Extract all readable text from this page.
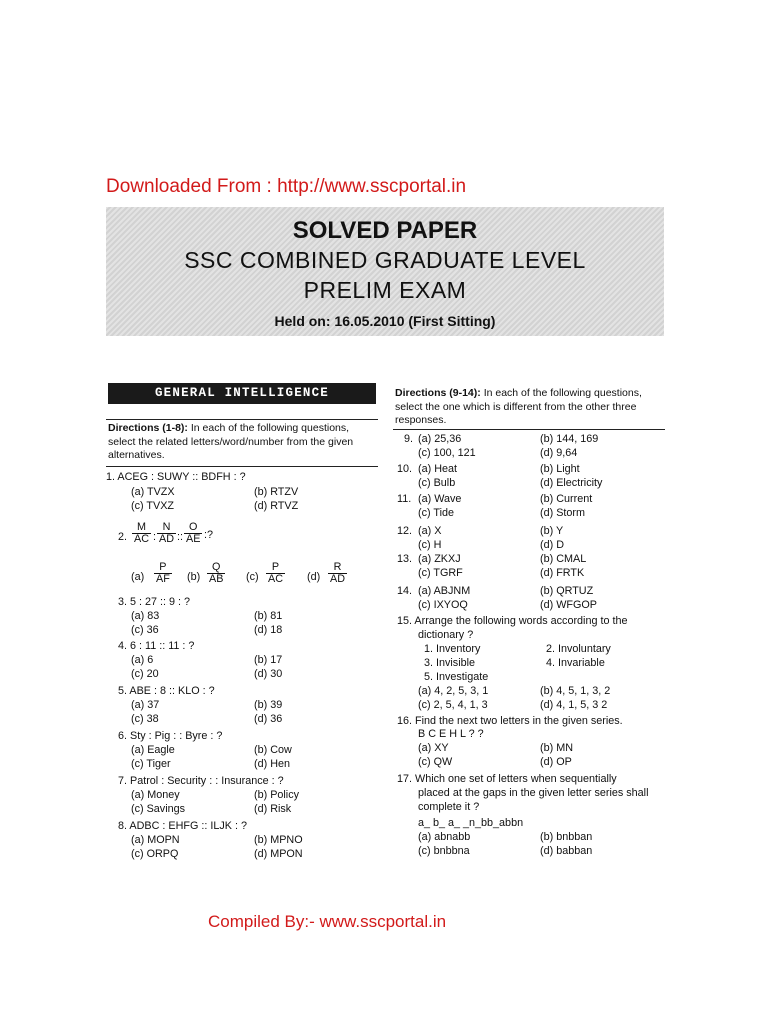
Downloaded From : http://www.sscportal.in
SOLVED PAPER
SSC COMBINED GRADUATE LEVEL
PRELIM EXAM
Held on: 16.05.2010 (First Sitting)
GENERAL INTELLIGENCE
Directions (1-8): In each of the following questions,
select the related letters/word/number from the given
alternatives.
1. ACEG : SUWY :: BDFH : ?
(a) TVZX	(b) RTZV
(c) TVXZ	(d) RTVZ
2. $\frac{M}{AC}$ : $\frac{N}{AD}$ :: $\frac{O}{AE}$ :?
$(a) \frac{P}{AF} (b) \frac{Q}{AB} (c) \frac{P}{AC} (d) \frac{R}{AD}$
3. 5 : 27 :: 9 : ?
(a) 83	(b) 81
(c) 36	(d) 18
4. 6 : 11 :: 11 : ?
(a) 6	(b) 17
(c) 20	(d) 30
5. ABE : 8 :: KLO : ?
(a) 37	(b) 39
(c) 38	(d) 36
6. Sty : Pig : : Byre : ?
(a) Eagle	(b) Cow
(c) Tiger	(d) Hen
7. Patrol : Security : : Insurance : ?
(a) Money	(b) Policy
(c) Savings	(d) Risk
8. ADBC : EHFG :: ILJK : ?
(a) MOPN	(b) MPNO
(c) ORPQ	(d) MPON
Directions (9-14): In each of the following questions,
select the one which is different from the other three
responses.
9. (a) 25,36	(b) 144, 169
(c) 100, 121	(d) 9,64
10. (a) Heat	(b) Light
(c) Bulb	(d) Electricity
11. (a) Wave	(b) Current
(c) Tide	(d) Storm
12. (a) X	(b) Y
(c) H	(d) D
13. (a) ZKXJ	(b) CMAL
(c) TGRF	(d) FRTK
14. (a) ABJNM	(b) QRTUZ
(c) IXYOQ	(d) WFGOP
15. Arrange the following words according to the
dictionary ?
1. Inventory	2. Involuntary
3. Invisible	4. Invariable
5. Investigate
(a) 4, 2, 5, 3, 1	(b) 4, 5, 1, 3, 2
(c) 2, 5, 4, 1, 3	(d) 4, 1, 5, 3 2
16. Find the next two letters in the given series.
B C E H L ? ?
(a) XY	(b) MN
(c) QW	(d) OP
17. Which one set of letters when sequentially
placed at the gaps in the given letter series shall
complete it ?
a_ b_ a_ _n_bb_abbn
(a) abnabb	(b) bnbban
(c) bnbbna	(d) babban
Compiled By:- www.sscportal.in
